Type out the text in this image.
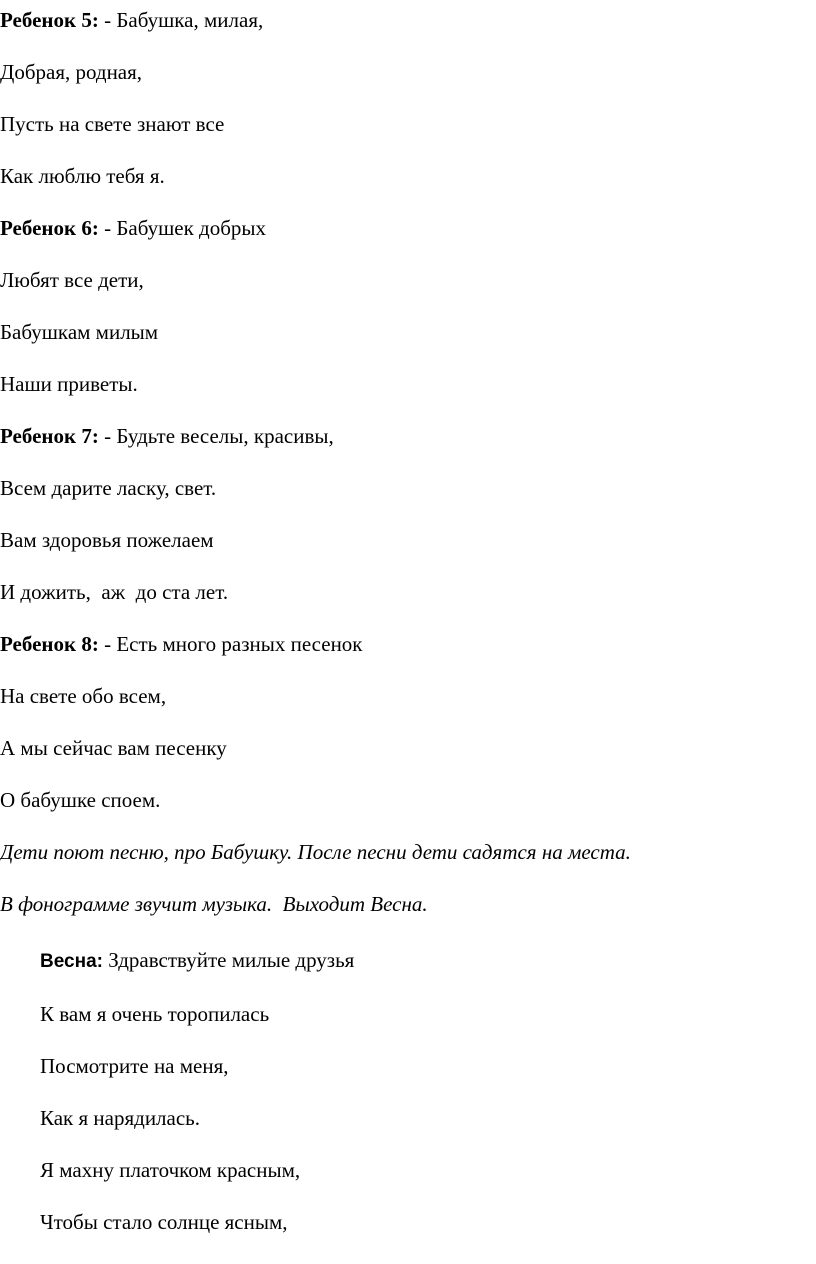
Ребенок 5: - Бабушка, милая,
Добрая, родная,
Пусть на свете знают все
Как люблю тебя я.
Ребенок 6: - Бабушек добрых
Любят все дети,
Бабушкам милым
Наши приветы.
Ребенок 7: - Будьте веселы, красивы,
Всем дарите ласку, свет.
Вам здоровья пожелаем
И дожить,  аж  до ста лет.
Ребенок 8: - Есть много разных песенок
На свете обо всем,
А мы сейчас вам песенку
О бабушке споем.
Дети поют песню, про Бабушку. После песни дети садятся на места.
В фонограмме звучит музыка.  Выходит Весна.
Весна: Здравствуйте милые друзья
К вам я очень торопилась
Посмотрите на меня,
Как я нарядилась.
Я махну платочком красным,
Чтобы стало солнце ясным,
